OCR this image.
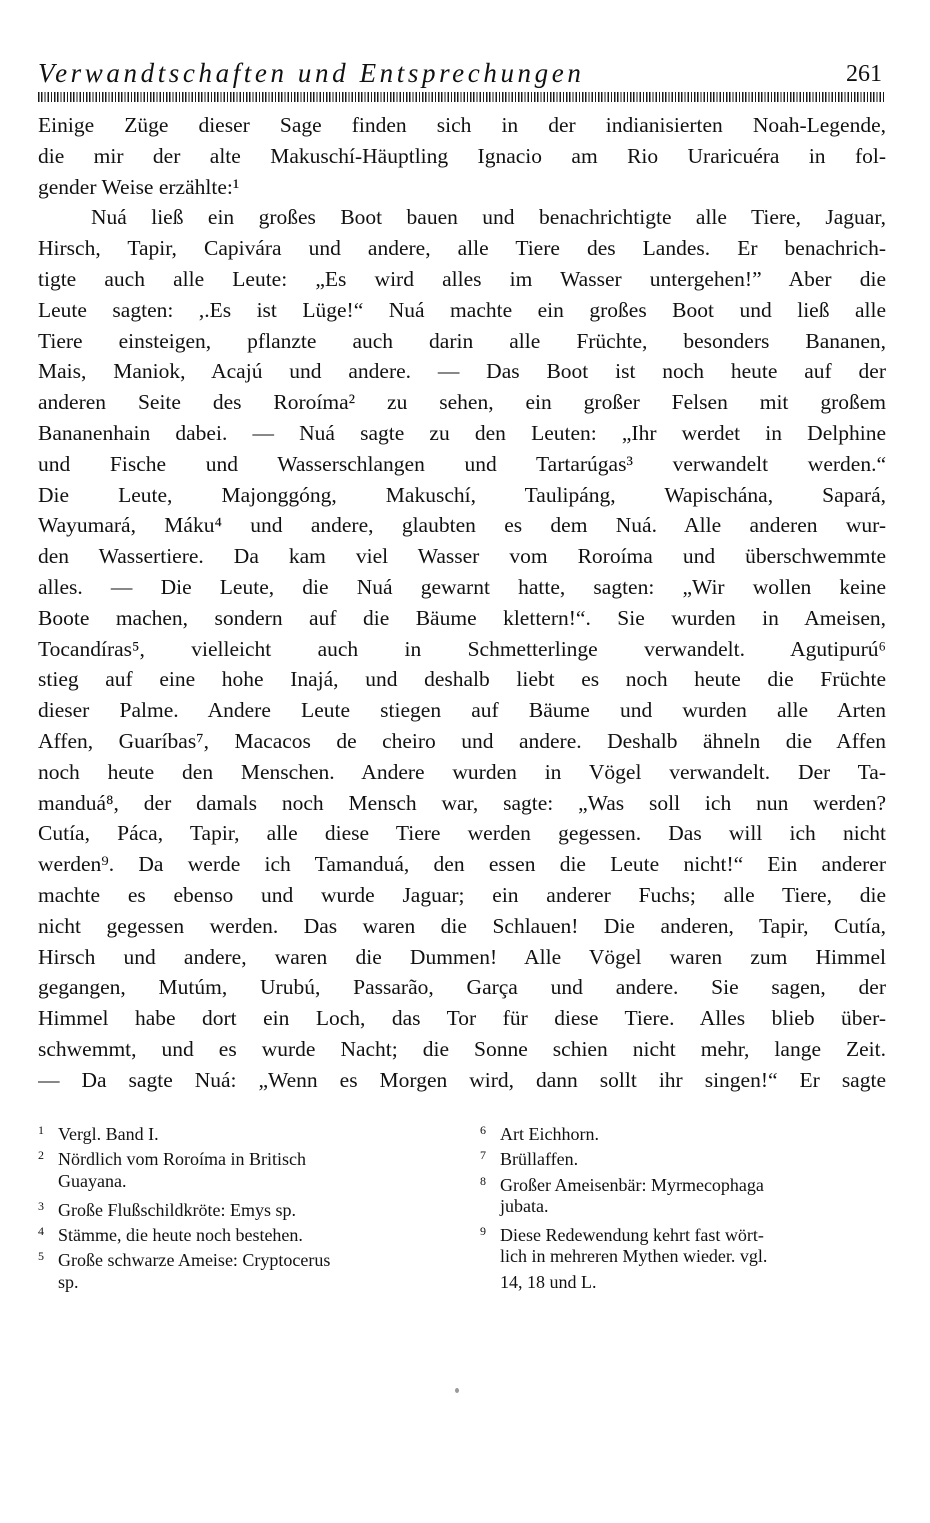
Verwandtschaften und Entsprechungen	261
Einige Züge dieser Sage finden sich in der indianisierten Noah-Legende,
die mir der alte Makuschí-Häuptling Ignacio am Rio Uraricuéra in fol-
gender Weise erzählte:¹
Nuá ließ ein großes Boot bauen und benachrichtigte alle Tiere, Jaguar,
Hirsch, Tapir, Capivára und andere, alle Tiere des Landes. Er benachrich-
tigte auch alle Leute: „Es wird alles im Wasser untergehen!” Aber die
Leute sagten: ,.Es ist Lüge!“ Nuá machte ein großes Boot und ließ alle
Tiere einsteigen, pflanzte auch darin alle Früchte, besonders Bananen,
Mais, Maniok, Acajú und andere. — Das Boot ist noch heute auf der
anderen Seite des Roroíma² zu sehen, ein großer Felsen mit großem
Bananenhain dabei. — Nuá sagte zu den Leuten: „Ihr werdet in Delphine
und Fische und Wasserschlangen und Tartarúgas³ verwandelt werden.“
Die Leute, Majonggóng, Makuschí, Taulipáng, Wapischána, Sapará,
Wayumará, Máku⁴ und andere, glaubten es dem Nuá. Alle anderen wur-
den Wassertiere. Da kam viel Wasser vom Roroíma und überschwemmte
alles. — Die Leute, die Nuá gewarnt hatte, sagten: „Wir wollen keine
Boote machen, sondern auf die Bäume klettern!“. Sie wurden in Ameisen,
Tocandíras⁵, vielleicht auch in Schmetterlinge verwandelt. Agutipurú⁶
stieg auf eine hohe Inajá, und deshalb liebt es noch heute die Früchte
dieser Palme. Andere Leute stiegen auf Bäume und wurden alle Arten
Affen, Guaríbas⁷, Macacos de cheiro und andere. Deshalb ähneln die Affen
noch heute den Menschen. Andere wurden in Vögel verwandelt. Der Ta-
manduá⁸, der damals noch Mensch war, sagte: „Was soll ich nun werden?
Cutía, Páca, Tapir, alle diese Tiere werden gegessen. Das will ich nicht
werden⁹. Da werde ich Tamanduá, den essen die Leute nicht!“ Ein anderer
machte es ebenso und wurde Jaguar; ein anderer Fuchs; alle Tiere, die
nicht gegessen werden. Das waren die Schlauen! Die anderen, Tapir, Cutía,
Hirsch und andere, waren die Dummen! Alle Vögel waren zum Himmel
gegangen, Mutúm, Urubú, Passarão, Garça und andere. Sie sagen, der
Himmel habe dort ein Loch, das Tor für diese Tiere. Alles blieb über-
schwemmt, und es wurde Nacht; die Sonne schien nicht mehr, lange Zeit.
— Da sagte Nuá: „Wenn es Morgen wird, dann sollt ihr singen!“ Er sagte
1 Vergl. Band I.
2 Nördlich vom Roroíma in Britisch
Guayana.
3 Große Flußschildkröte: Emys sp.
4 Stämme, die heute noch bestehen.
5 Große schwarze Ameise: Cryptocerus
sp.
6 Art Eichhorn.
7 Brüllaffen.
8 Großer Ameisenbär: Myrmecophaga
jubata.
9 Diese Redewendung kehrt fast wört-
lich in mehreren Mythen wieder. vgl.
14, 18 und L.
